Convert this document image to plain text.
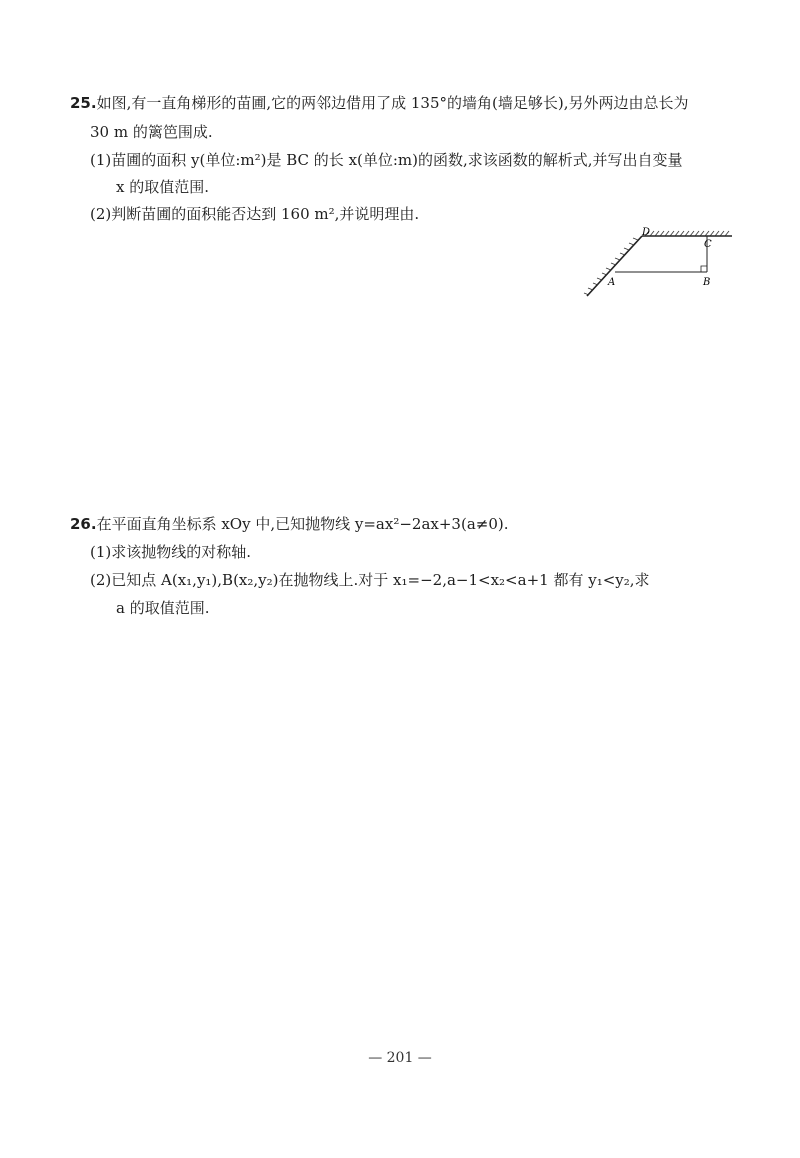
25.如图,有一直角梯形的苗圃,它的两邻边借用了成 135°的墙角(墙足够长),另外两边由总长为
30 m 的篱笆围成.
(1)苗圃的面积 y(单位:m²)是 BC 的长 x(单位:m)的函数,求该函数的解析式,并写出自变量
x 的取值范围.
(2)判断苗圃的面积能否达到 160 m²,并说明理由.
D
C
A	B
26.在平面直角坐标系 xOy 中,已知抛物线 y=ax²−2ax+3(a≠0).
(1)求该抛物线的对称轴.
(2)已知点 A(x₁,y₁),B(x₂,y₂)在抛物线上.对于 x₁=−2,a−1<x₂<a+1 都有 y₁<y₂,求
a 的取值范围.
— 201 —
